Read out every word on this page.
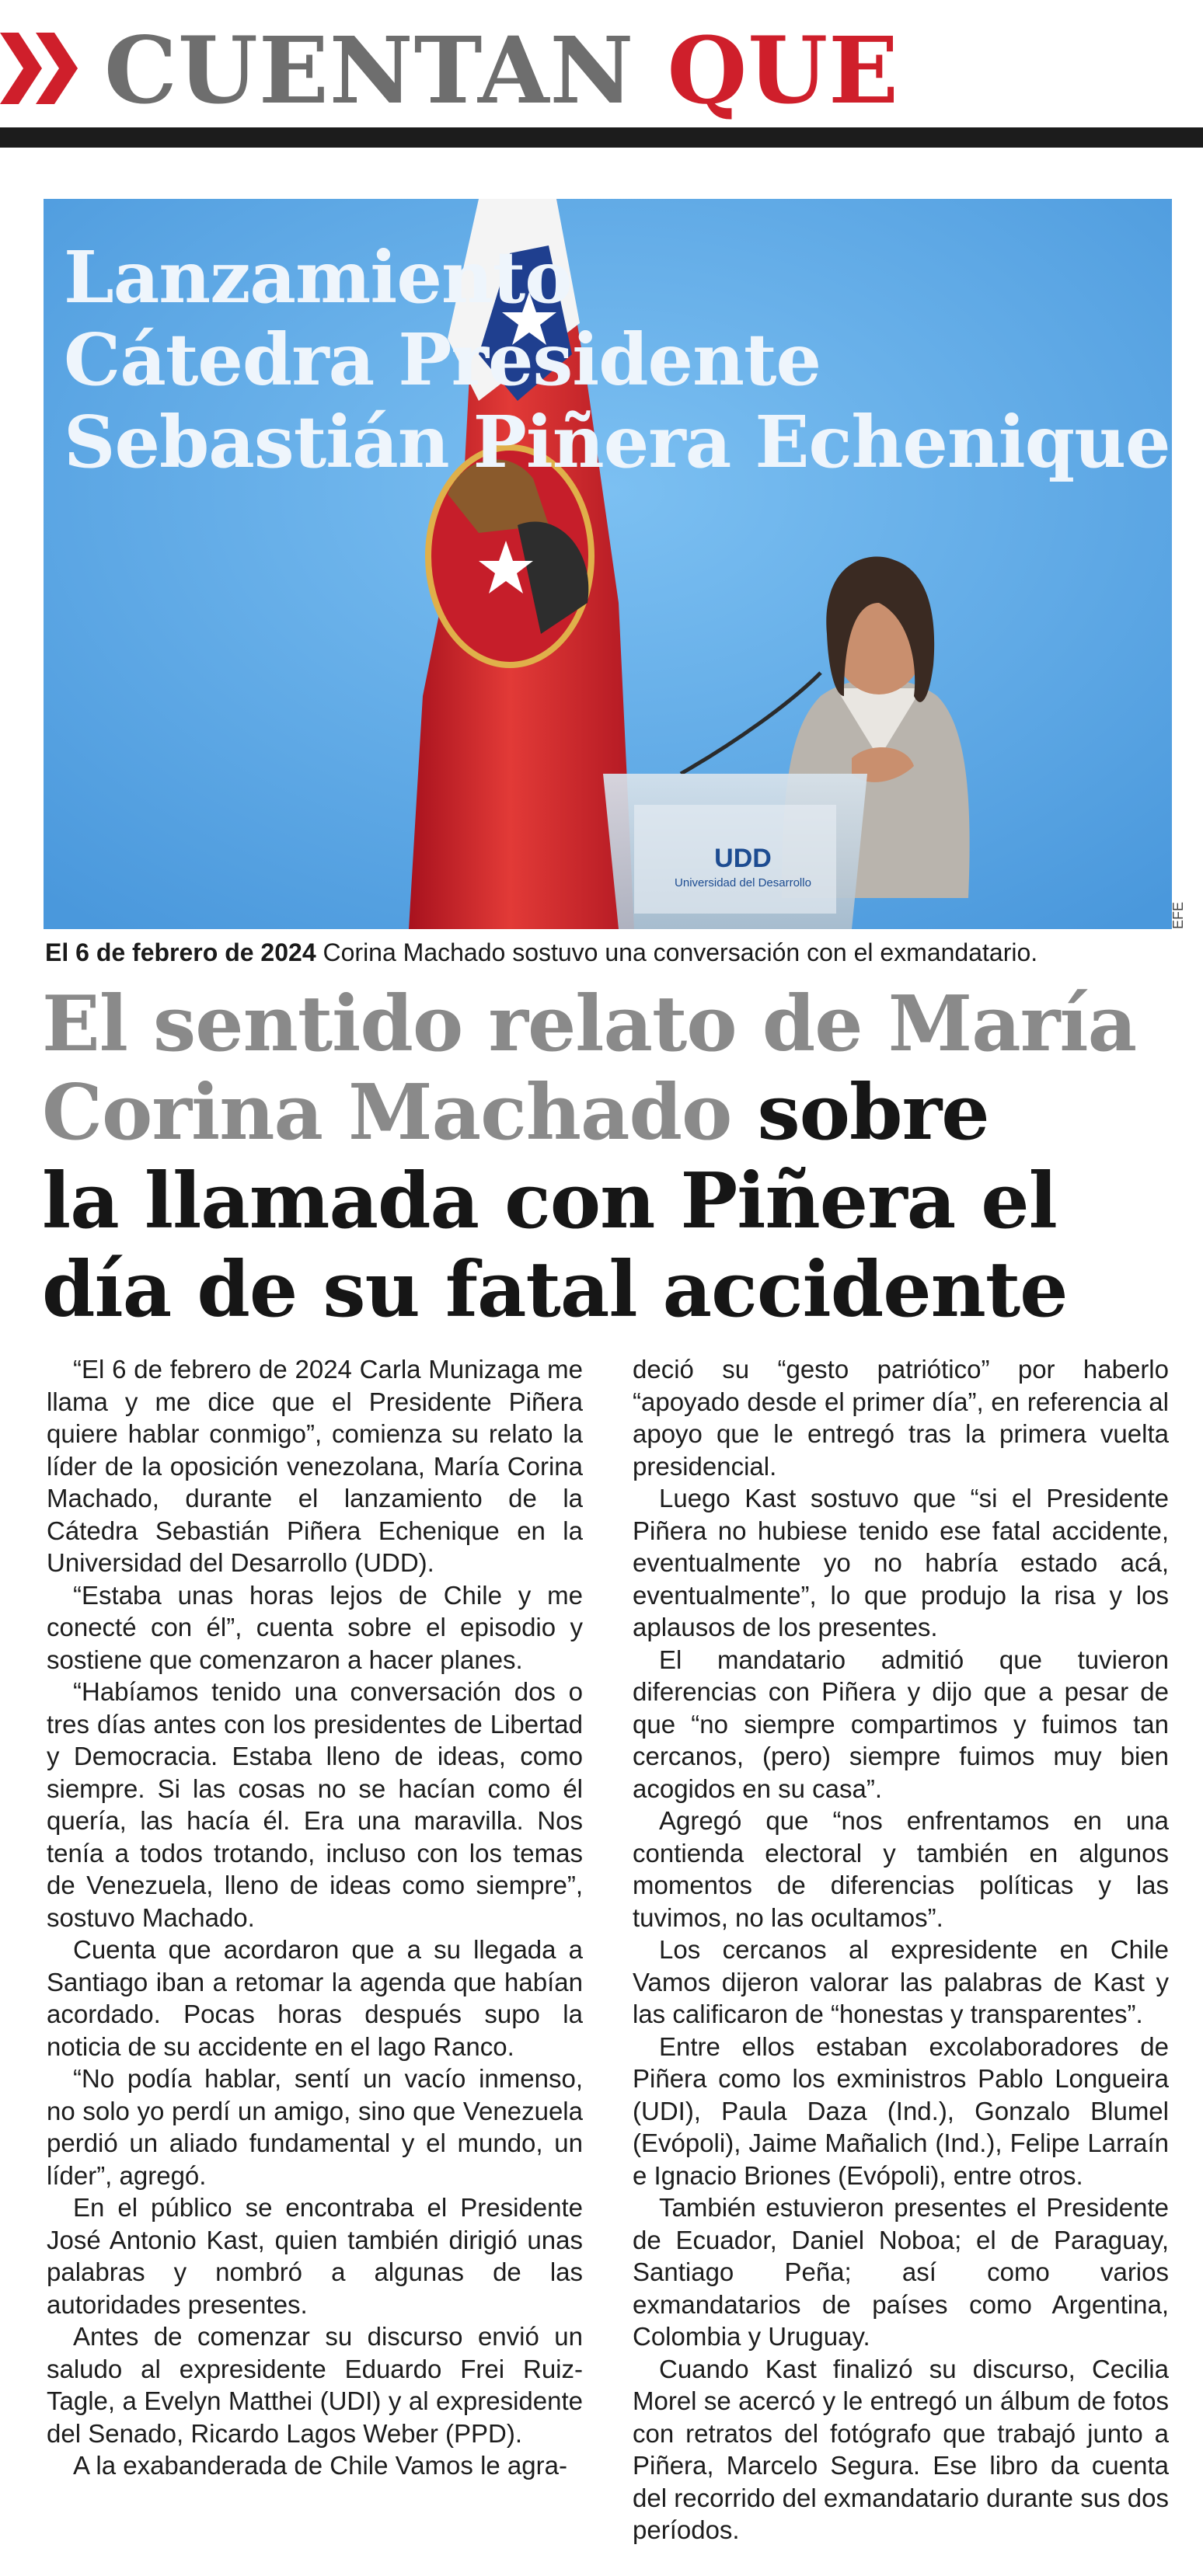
CUENTAN QUE
Lanzamiento
Cátedra Presidente
Sebastián Piñera Echenique
UDD
Universidad del Desarrollo
EFE
El 6 de febrero de 2024 Corina Machado sostuvo una conversación con el exmandatario.
El sentido relato de María
Corina Machado sobre
la llamada con Piñera el
día de su fatal accidente

“El 6 de febrero de 2024 Carla Munizaga me llama y me dice que el Presidente Piñera quiere hablar conmigo”, comienza su relato la líder de la oposición venezolana, María Corina Machado, durante el lanzamiento de la Cátedra Sebastián Piñera Echenique en la Universidad del Desarrollo (UDD).

“Estaba unas horas lejos de Chile y me conecté con él”, cuenta sobre el episodio y sostiene que comenzaron a hacer planes.

“Habíamos tenido una conversación dos o tres días antes con los presidentes de Libertad y Democracia. Estaba lleno de ideas, como siempre. Si las cosas no se hacían como él quería, las hacía él. Era una maravilla. Nos tenía a todos trotando, incluso con los temas de Venezuela, lleno de ideas como siempre”, sostuvo Machado.

Cuenta que acordaron que a su llegada a Santiago iban a retomar la agenda que habían acordado. Pocas horas después supo la noticia de su accidente en el lago Ranco.

“No podía hablar, sentí un vacío inmenso, no solo yo perdí un amigo, sino que Venezuela perdió un aliado fundamental y el mundo, un líder”, agregó.

En el público se encontraba el Presidente José Antonio Kast, quien también dirigió unas palabras y nombró a algunas de las autoridades presentes.

Antes de comenzar su discurso envió un saludo al expresidente Eduardo Frei Ruiz-Tagle, a Evelyn Matthei (UDI) y al expresidente del Senado, Ricardo Lagos Weber (PPD).

A la exabanderada de Chile Vamos le agra-

deció su “gesto patriótico” por haberlo “apoyado desde el primer día”, en referencia al apoyo que le entregó tras la primera vuelta presidencial.

Luego Kast sostuvo que “si el Presidente Piñera no hubiese tenido ese fatal accidente, eventualmente yo no habría estado acá, eventualmente”, lo que produjo la risa y los aplausos de los presentes.

El mandatario admitió que tuvieron diferencias con Piñera y dijo que a pesar de que “no siempre compartimos y fuimos tan cercanos, (pero) siempre fuimos muy bien acogidos en su casa”.

Agregó que “nos enfrentamos en una contienda electoral y también en algunos momentos de diferencias políticas y las tuvimos, no las ocultamos”.

Los cercanos al expresidente en Chile Vamos dijeron valorar las palabras de Kast y las calificaron de “honestas y transparentes”.

Entre ellos estaban excolaboradores de Piñera como los exministros Pablo Longueira (UDI), Paula Daza (Ind.), Gonzalo Blumel (Evópoli), Jaime Mañalich (Ind.), Felipe Larraín e Ignacio Briones (Evópoli), entre otros.

También estuvieron presentes el Presidente de Ecuador, Daniel Noboa; el de Paraguay, Santiago Peña; así como varios exmandatarios de países como Argentina, Colombia y Uruguay.

Cuando Kast finalizó su discurso, Cecilia Morel se acercó y le entregó un álbum de fotos con retratos del fotógrafo que trabajó junto a Piñera, Marcelo Segura. Ese libro da cuenta del recorrido del exmandatario durante sus dos períodos.
